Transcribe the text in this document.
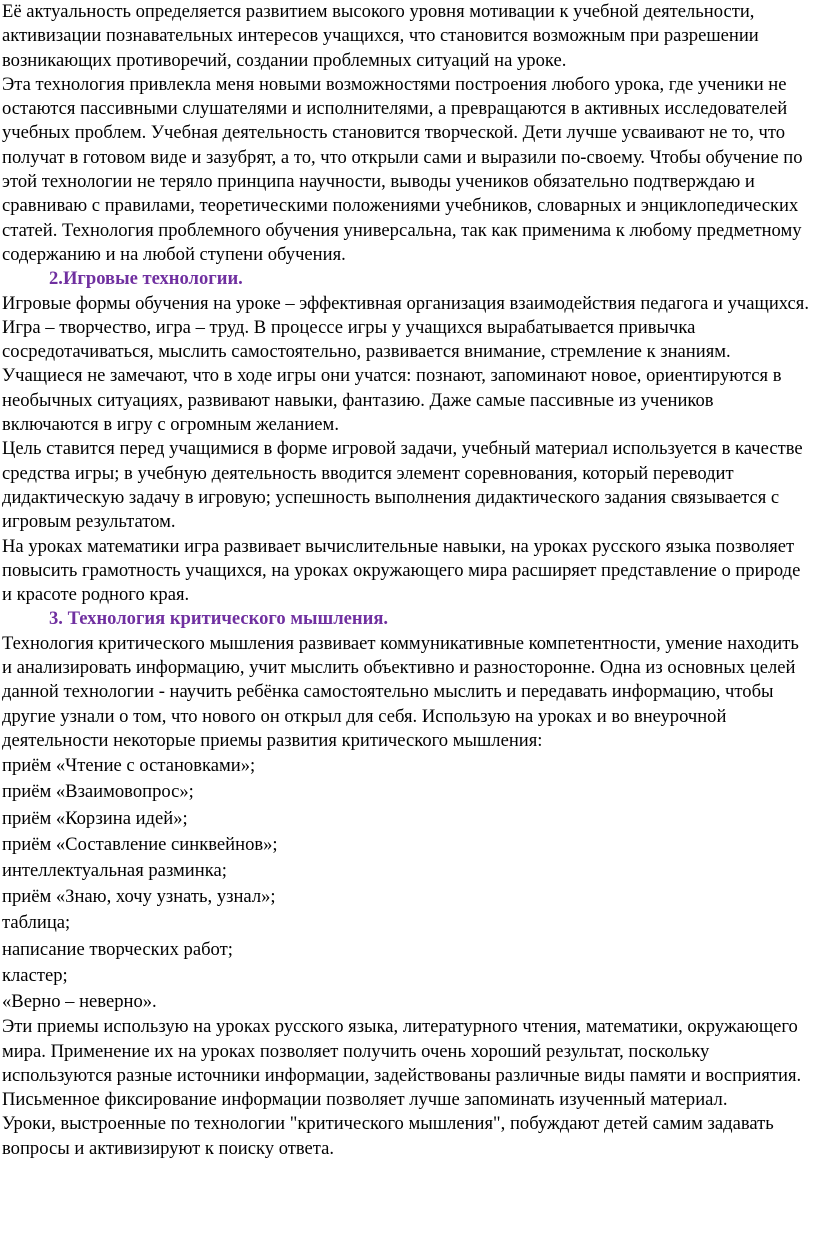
Её актуальность определяется развитием высокого уровня мотивации к учебной деятельности, активизации познавательных интересов учащихся, что становится возможным при разрешении возникающих противоречий, создании проблемных ситуаций на уроке.

Эта технология привлекла меня новыми возможностями построения любого урока, где ученики не остаются пассивными слушателями и исполнителями, а превращаются в активных исследователей учебных проблем. Учебная деятельность становится творческой. Дети лучше усваивают не то, что получат в готовом виде и зазубрят, а то, что открыли сами и выразили по-своему. Чтобы обучение по этой технологии не теряло принципа научности, выводы учеников обязательно подтверждаю и сравниваю с правилами, теоретическими положениями учебников, словарных и энциклопедических статей. Технология проблемного обучения универсальна, так как применима к любому предметному содержанию и на любой ступени обучения.

2.Игровые технологии.

Игровые формы обучения на уроке – эффективная организация взаимодействия педагога и учащихся. Игра – творчество, игра – труд. В процессе игры у учащихся вырабатывается привычка сосредотачиваться, мыслить самостоятельно, развивается внимание, стремление к знаниям. Учащиеся не замечают, что в ходе игры они учатся: познают, запоминают новое, ориентируются в необычных ситуациях, развивают навыки, фантазию. Даже самые пассивные из учеников включаются в игру с огромным желанием.

Цель ставится перед учащимися в форме игровой задачи, учебный материал используется в качестве средства игры; в учебную деятельность вводится элемент соревнования, который переводит дидактическую задачу в игровую; успешность выполнения дидактического задания связывается с игровым результатом.

На уроках математики игра развивает вычислительные навыки, на уроках русского языка позволяет повысить грамотность учащихся, на уроках окружающего мира расширяет представление о природе и красоте родного края.

3. Технология критического мышления.

Технология критического мышления развивает коммуникативные компетентности, умение находить и анализировать информацию, учит мыслить объективно и разносторонне. Одна из основных целей данной технологии - научить ребёнка самостоятельно мыслить и передавать информацию, чтобы другие узнали о том, что нового он открыл для себя. Использую на уроках и во внеурочной деятельности некоторые приемы развития критического мышления:

приём «Чтение с остановками»;
приём «Взаимовопрос»;
приём «Корзина идей»;
приём «Составление синквейнов»;
интеллектуальная разминка;
приём «Знаю, хочу узнать, узнал»;
таблица;
написание творческих работ;
кластер;
«Верно – неверно».

Эти приемы использую на уроках русского языка, литературного чтения, математики, окружающего мира. Применение их на уроках позволяет получить очень хороший результат, поскольку используются разные источники информации, задействованы различные виды памяти и восприятия. Письменное фиксирование информации позволяет лучше запоминать изученный материал.

Уроки, выстроенные по технологии "критического мышления", побуждают детей самим задавать вопросы и активизируют к поиску ответа.
